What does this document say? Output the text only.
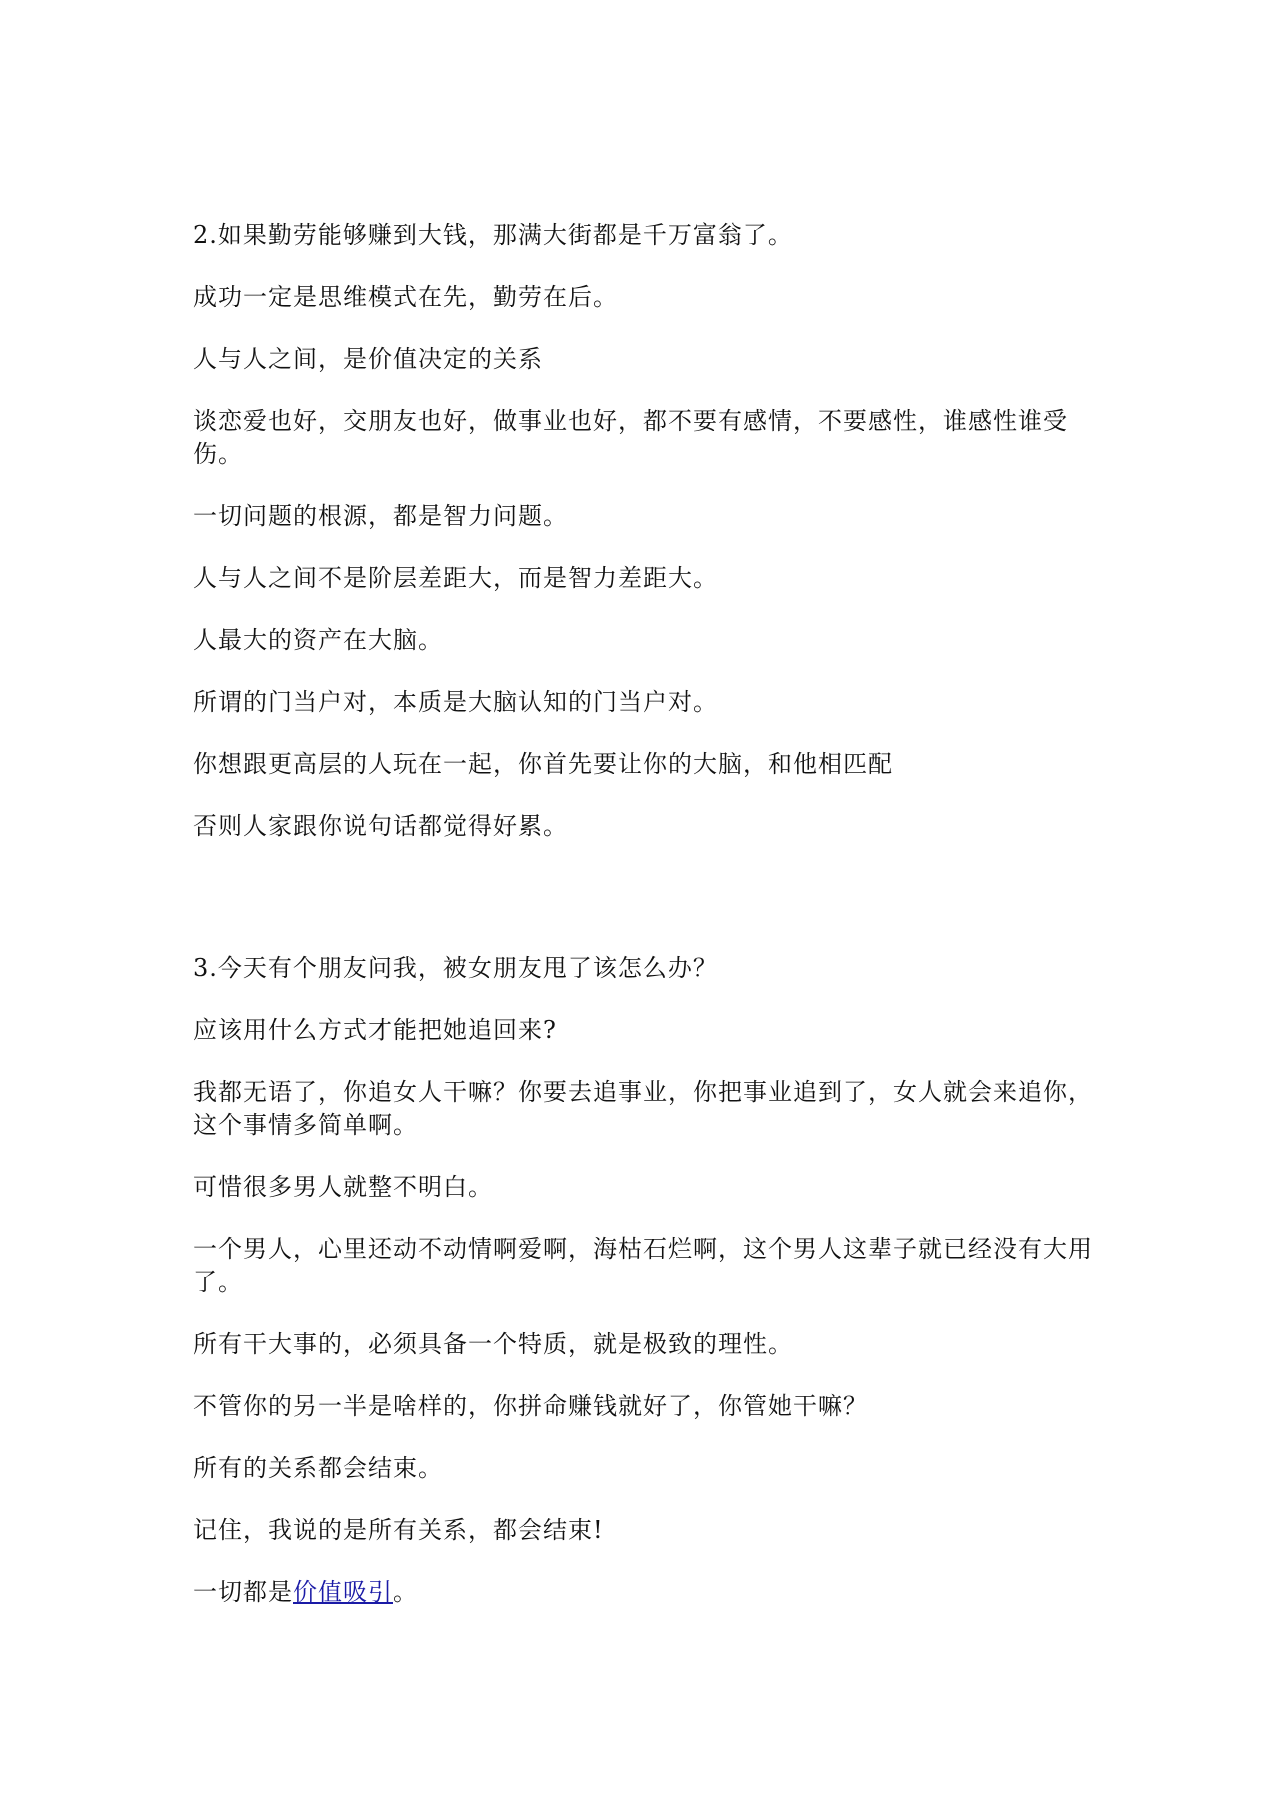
2.如果勤劳能够赚到大钱，那满大街都是千万富翁了。

成功一定是思维模式在先，勤劳在后。

人与人之间，是价值决定的关系

谈恋爱也好，交朋友也好，做事业也好，都不要有感情，不要感性，谁感性谁受伤。

一切问题的根源，都是智力问题。

人与人之间不是阶层差距大，而是智力差距大。

人最大的资产在大脑。

所谓的门当户对，本质是大脑认知的门当户对。

你想跟更高层的人玩在一起，你首先要让你的大脑，和他相匹配

否则人家跟你说句话都觉得好累。

3.今天有个朋友问我，被女朋友甩了该怎么办？

应该用什么方式才能把她追回来?

我都无语了，你追女人干嘛？你要去追事业，你把事业追到了，女人就会来追你，这个事情多简单啊。

可惜很多男人就整不明白。

一个男人，心里还动不动情啊爱啊，海枯石烂啊，这个男人这辈子就已经没有大用了。

所有干大事的，必须具备一个特质，就是极致的理性。

不管你的另一半是啥样的，你拼命赚钱就好了，你管她干嘛？

所有的关系都会结束。

记住，我说的是所有关系，都会结束!

一切都是价值吸引。
